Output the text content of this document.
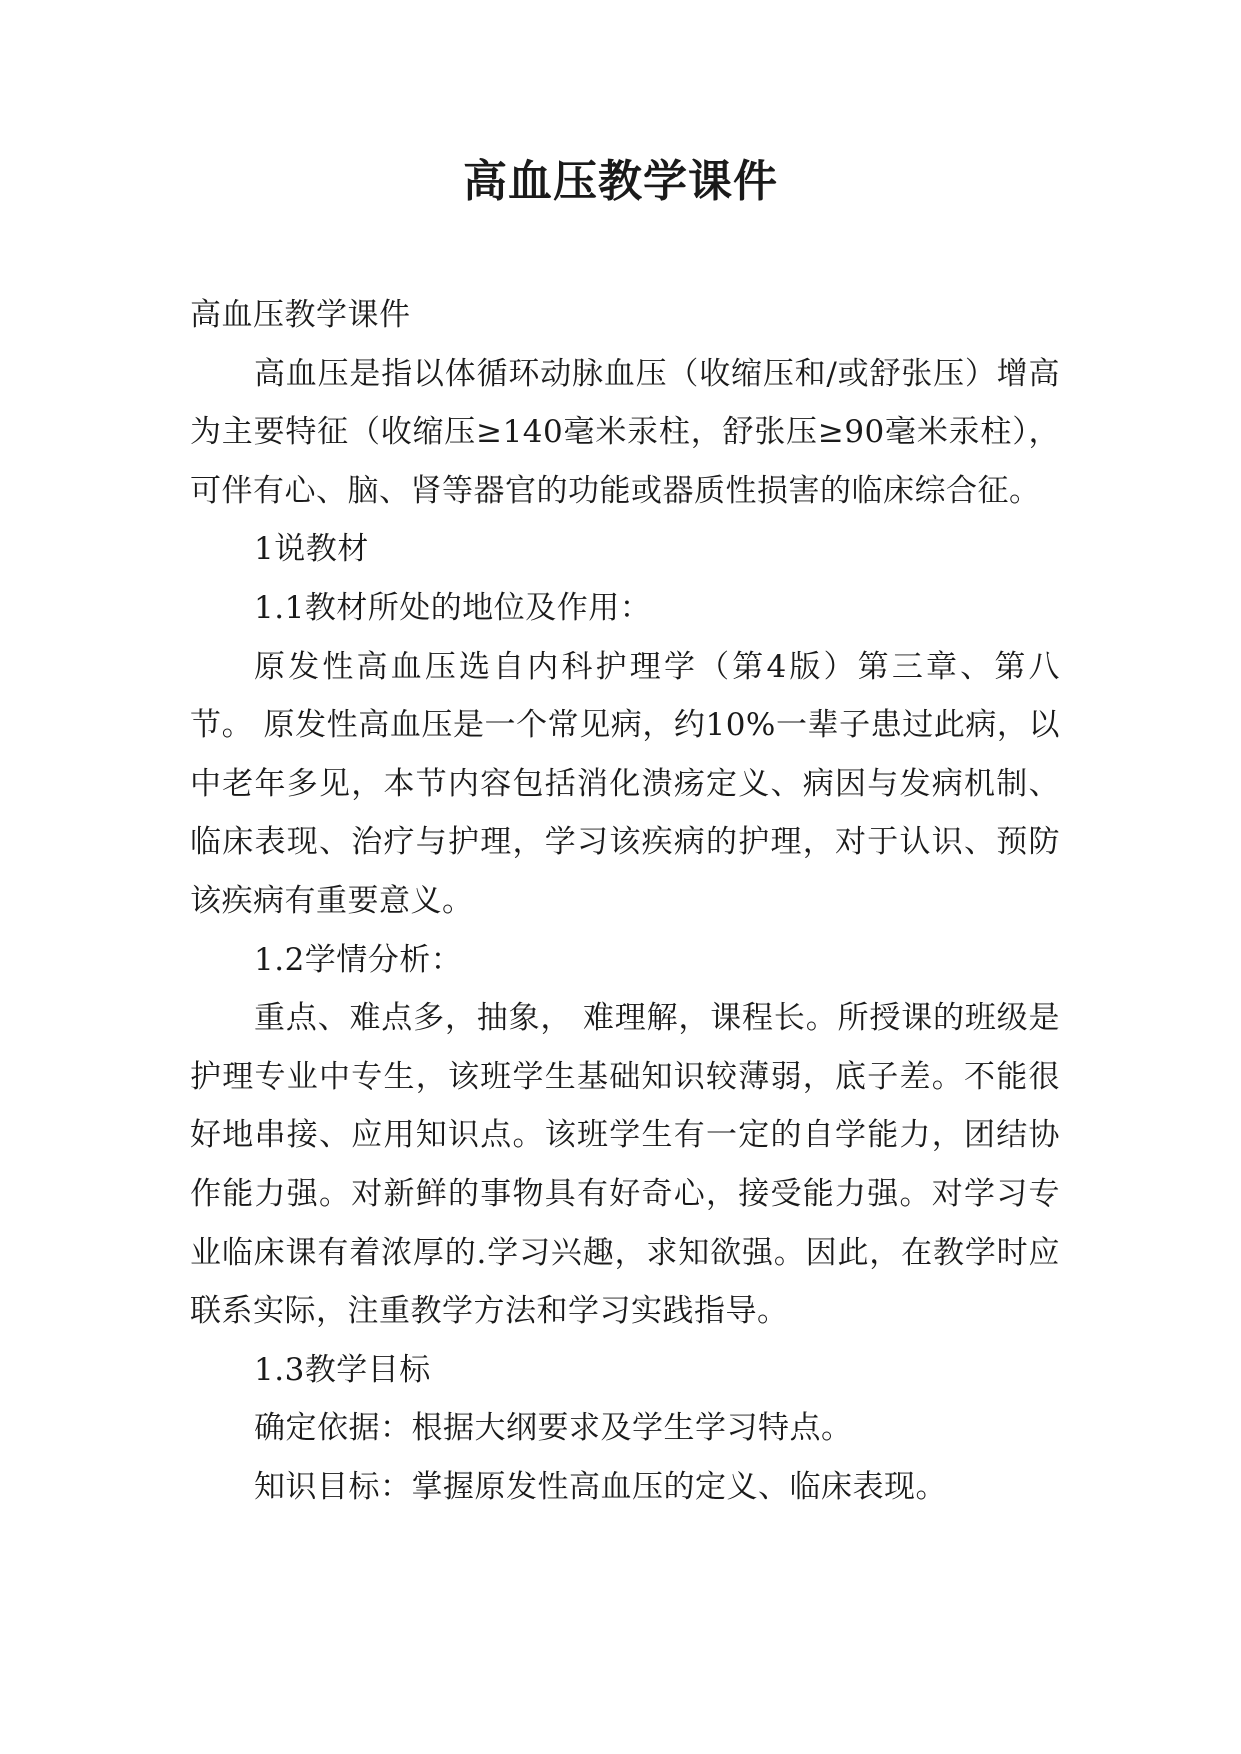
高血压教学课件

高血压教学课件

高血压是指以体循环动脉血压（收缩压和/或舒张压）增高为主要特征（收缩压≥140毫米汞柱，舒张压≥90毫米汞柱），可伴有心、脑、肾等器官的功能或器质性损害的临床综合征。

1说教材

1.1教材所处的地位及作用：

原发性高血压选自内科护理学（第4版）第三章、第八节。 原发性高血压是一个常见病，约10%一辈子患过此病，以中老年多见，本节内容包括消化溃疡定义、病因与发病机制、临床表现、治疗与护理，学习该疾病的护理，对于认识、预防该疾病有重要意义。

1.2学情分析：

重点、难点多，抽象， 难理解，课程长。所授课的班级是护理专业中专生，该班学生基础知识较薄弱，底子差。不能很好地串接、应用知识点。该班学生有一定的自学能力，团结协作能力强。对新鲜的事物具有好奇心，接受能力强。对学习专业临床课有着浓厚的.学习兴趣，求知欲强。因此，在教学时应联系实际，注重教学方法和学习实践指导。

1.3教学目标

确定依据：根据大纲要求及学生学习特点。

知识目标：掌握原发性高血压的定义、临床表现。
